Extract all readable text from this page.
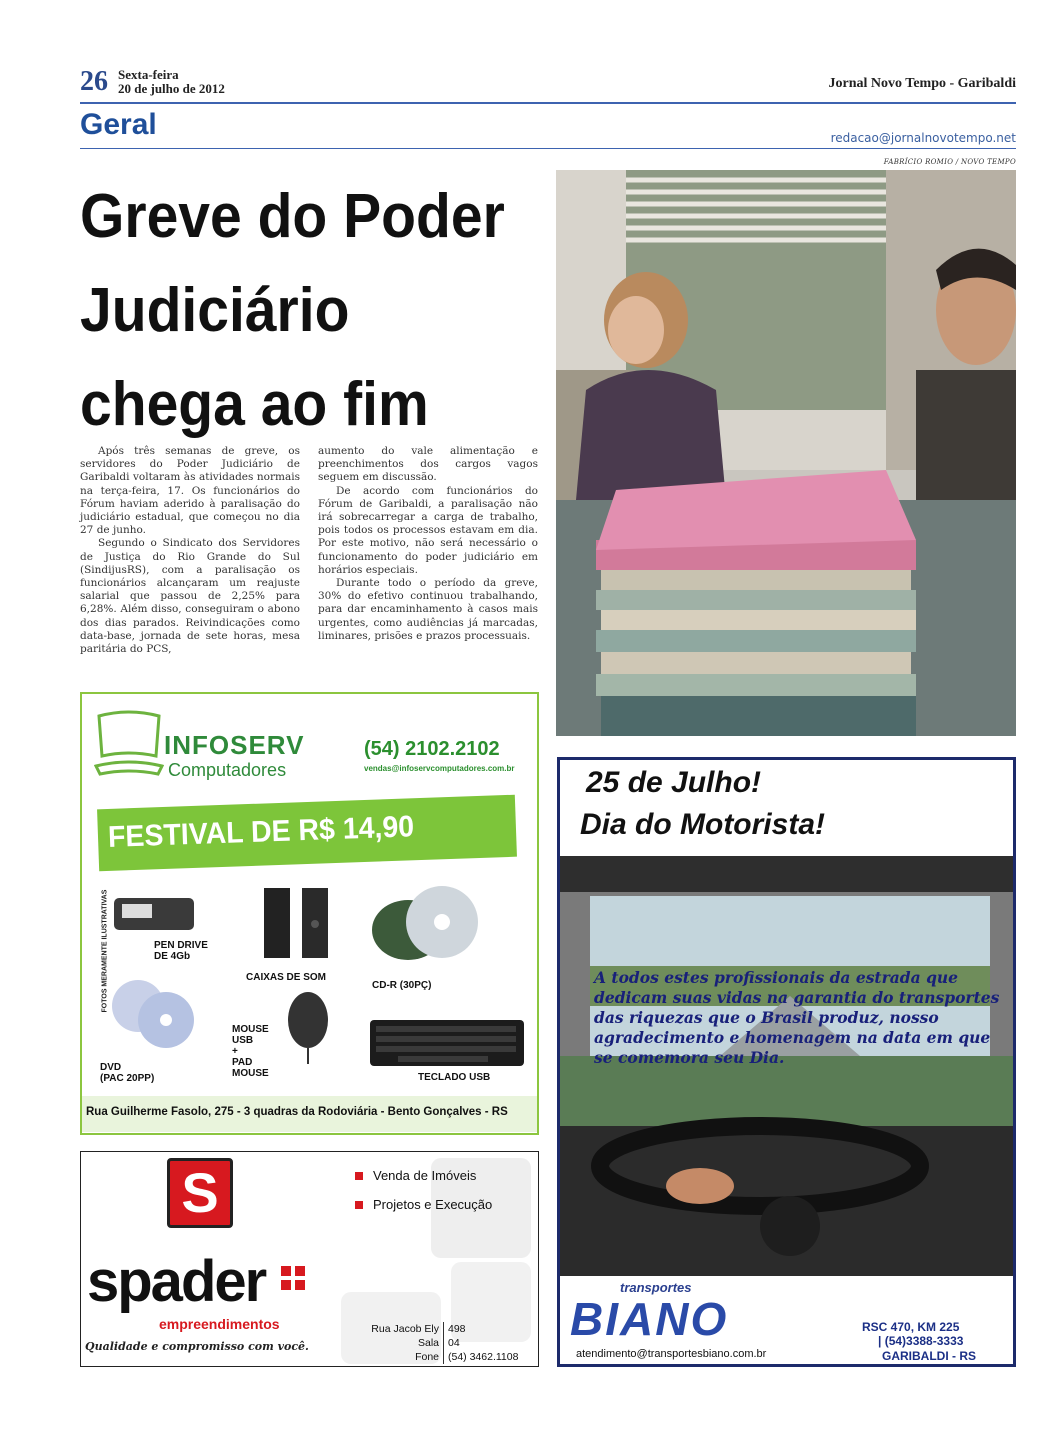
26 Sexta-feira
20 de julho de 2012	Jornal Novo Tempo - Garibaldi
Geral	redacao@jornalnovotempo.net
FABRÍCIO ROMIO / NOVO TEMPO
Greve do Poder
Judiciário
chega ao fim

Após três semanas de greve, os servidores do Poder Judiciário de Garibaldi voltaram às atividades normais na terça-feira, 17. Os funcionários do Fórum haviam aderido à paralisação do judiciário estadual, que começou no dia 27 de junho.

Segundo o Sindicato dos Servidores de Justiça do Rio Grande do Sul (SindijusRS), com a paralisação os funcionários alcançaram um reajuste salarial que passou de 2,25% para 6,28%. Além disso, conseguiram o abono dos dias parados. Reivindicações como data-base, jornada de sete horas, mesa paritária do PCS,

aumento do vale alimentação e preenchimentos dos cargos vagos seguem em discussão.

De acordo com funcionários do Fórum de Garibaldi, a paralisação não irá sobrecarregar a carga de trabalho, pois todos os processos estavam em dia. Por este motivo, não será necessário o funcionamento do poder judiciário em horários especiais.

Durante todo o período da greve, 30% do efetivo continuou trabalhando, para dar encaminhamento à casos mais urgentes, como audiências já marcadas, liminares, prisões e prazos processuais.

INFOSERV
Computadores
(54) 2102.2102
vendas@infoservcomputadores.com.br
FESTIVAL DE R$ 14,90
FOTOS MERAMENTE ILUSTRATIVAS	PEN DRIVE
DE 4Gb
CAIXAS DE SOM
CD-R (30PÇ)
DVD
(PAC 20PP)
MOUSE
USB
+
PAD
MOUSE	TECLADO USB
Rua Guilherme Fasolo, 275 - 3 quadras da Rodoviária - Bento Gonçalves - RS
S
spader
empreendimentos
Qualidade e compromisso com você.
Venda de Imóveis
Projetos e Execução
Rua Jacob Ely 498
Sala 04
Fone (54) 3462.1108
25 de Julho!
Dia do Motorista!
A todos estes profissionais da estrada que dedicam suas vidas na garantia do transportes das riquezas que o Brasil produz, nosso agradecimento e homenagem na data em que se comemora seu Dia.
transportes
BIANO
atendimento@transportesbiano.com.br
RSC 470, KM 225
| (54)3388-3333
GARIBALDI - RS
